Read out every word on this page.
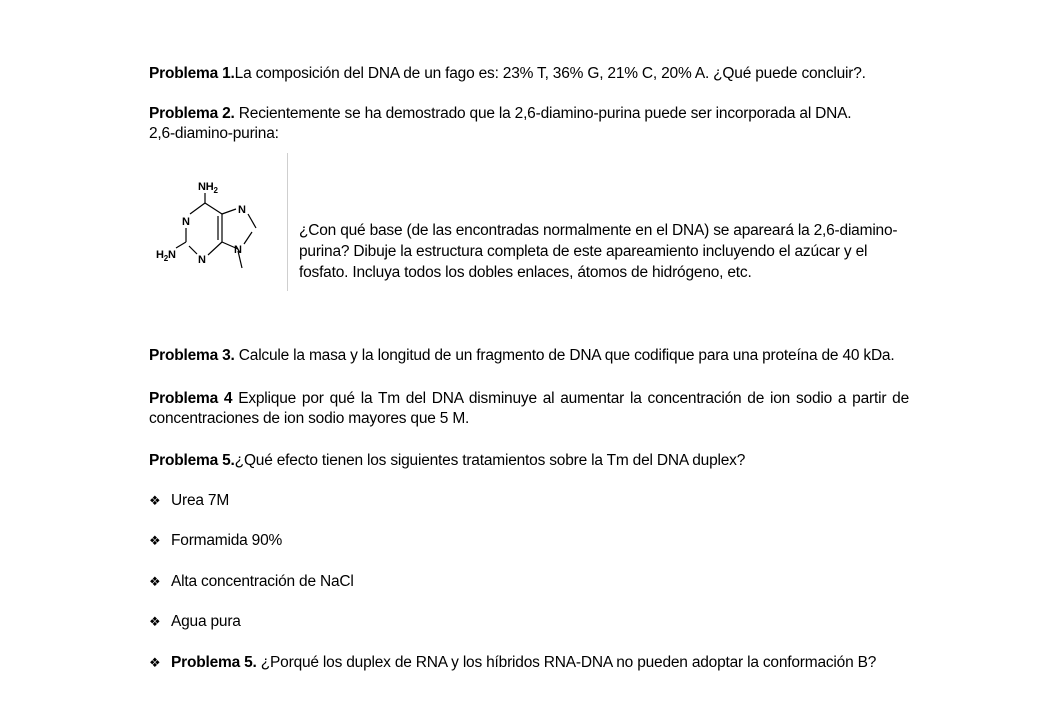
Problema 1.La composición del DNA de un fago es: 23% T, 36% G, 21% C, 20% A. ¿Qué puede concluir?.
Problema 2. Recientemente se ha demostrado que la 2,6-diamino-purina puede ser incorporada al DNA.
2,6-diamino-purina:
$NH_2$
N
N
N
N
$H_2N$
¿Con qué base (de las encontradas normalmente en el DNA) se apareará la 2,6-diamino-purina? Dibuje la estructura completa de este apareamiento incluyendo el azúcar y el fosfato. Incluya todos los dobles enlaces, átomos de hidrógeno, etc.
Problema 3. Calcule la masa y la longitud de un fragmento de DNA que codifique para una proteína de 40 kDa.
Problema 4 Explique por qué la Tm del DNA disminuye al aumentar la concentración de ion sodio a partir de concentraciones de ion sodio mayores que 5 M.
Problema 5.¿Qué efecto tienen los siguientes tratamientos sobre la Tm del DNA duplex?
❖ Urea 7M
❖ Formamida 90%
❖ Alta concentración de NaCl
❖ Agua pura
❖ Problema 5. ¿Porqué los duplex de RNA y los híbridos RNA-DNA no pueden adoptar la conformación B?
